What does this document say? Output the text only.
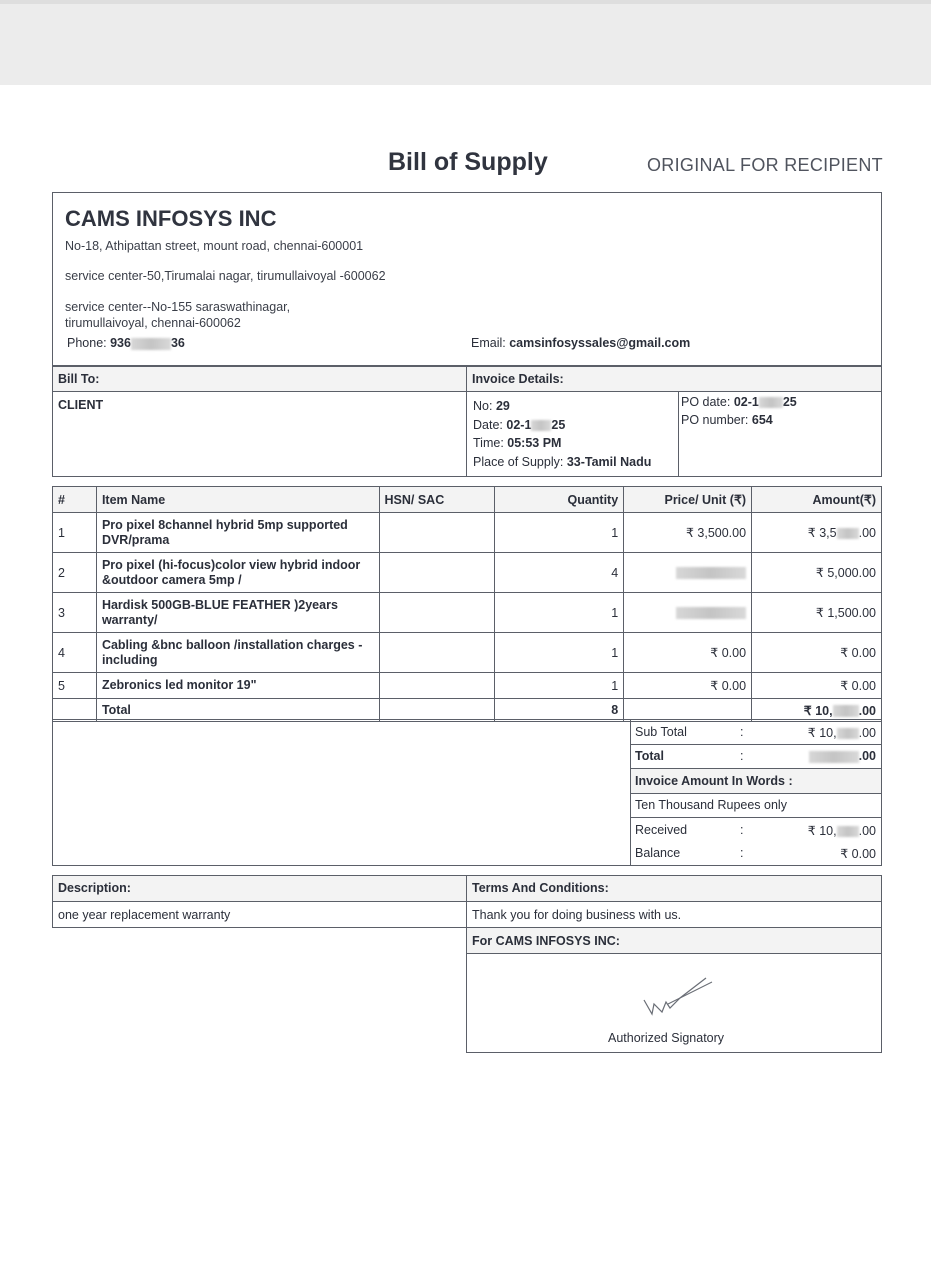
Bill of Supply	ORIGINAL FOR RECIPIENT
CAMS INFOSYS INC
No-18, Athipattan street, mount road, chennai-600001
service center-50,Tirumalai nagar, tirumullaivoyal -600062
service center--No-155 saraswathinagar,
tirumullaivoyal, chennai-600062
Phone: 936	36	Email: camsinfosyssales@gmail.com
Bill To:	Invoice Details:
CLIENT	No: 29
Date: 02-1 25
Time: 05:53 PM
Place of Supply: 33-Tamil Nadu
PO date: 02-1 25
PO number: 654
#	Item Name	HSN/ SAC	Quantity	Price/ Unit (₹)	Amount(₹)
1	Pro pixel 8channel hybrid 5mp supported
DVR/prama		1	₹ 3,500.00	₹ 3,5 .00
2	Pro pixel (hi-focus)color view hybrid indoor
&outdoor camera 5mp /		4		₹ 5,000.00
3	Hardisk 500GB-BLUE FEATHER )2years
warranty/		1		₹ 1,500.00
4	Cabling &bnc balloon /installation charges -
including		1	₹ 0.00	₹ 0.00
5	Zebronics led monitor 19"		1	₹ 0.00	₹ 0.00
	Total		8		₹ 10, .00
Sub Total	:	₹ 10, .00
Total	:	.00
Invoice Amount In Words :
Ten Thousand Rupees only
Received	:	₹ 10, .00
Balance	:	₹ 0.00
Description:	Terms And Conditions:
one year replacement warranty	Thank you for doing business with us.
For CAMS INFOSYS INC:
Authorized Signatory
